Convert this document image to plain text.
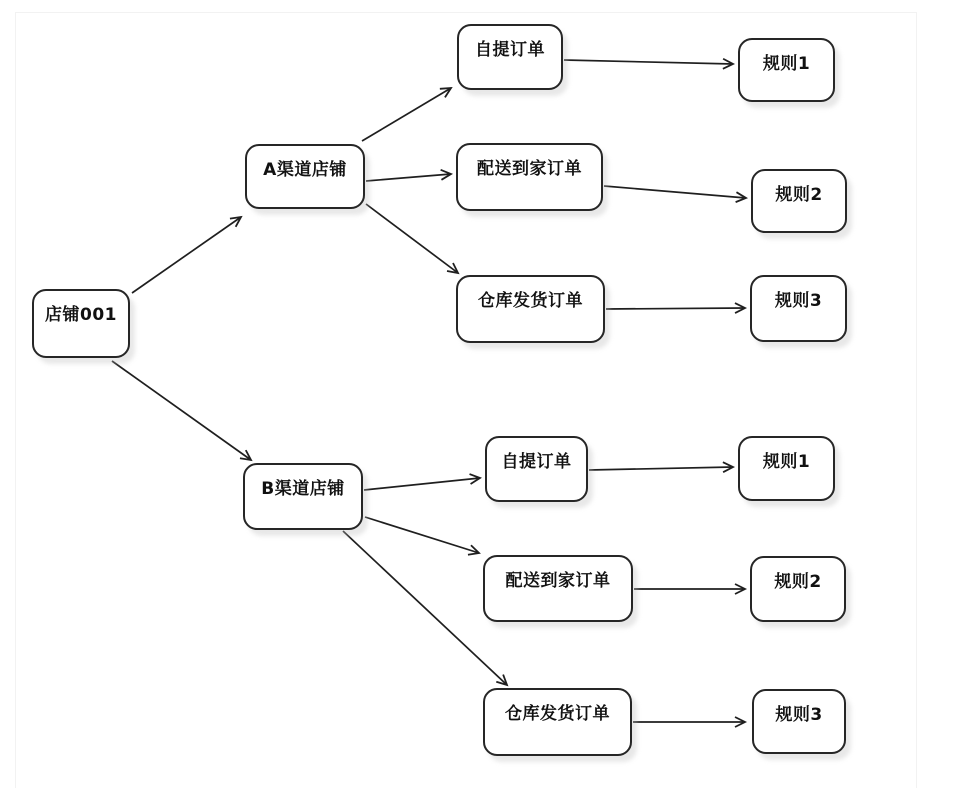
店铺001
A渠道店铺
自提订单
规则1
配送到家订单
规则2
仓库发货订单	规则3
B渠道店铺
自提订单	规则1
配送到家订单	规则2
仓库发货订单	规则3
